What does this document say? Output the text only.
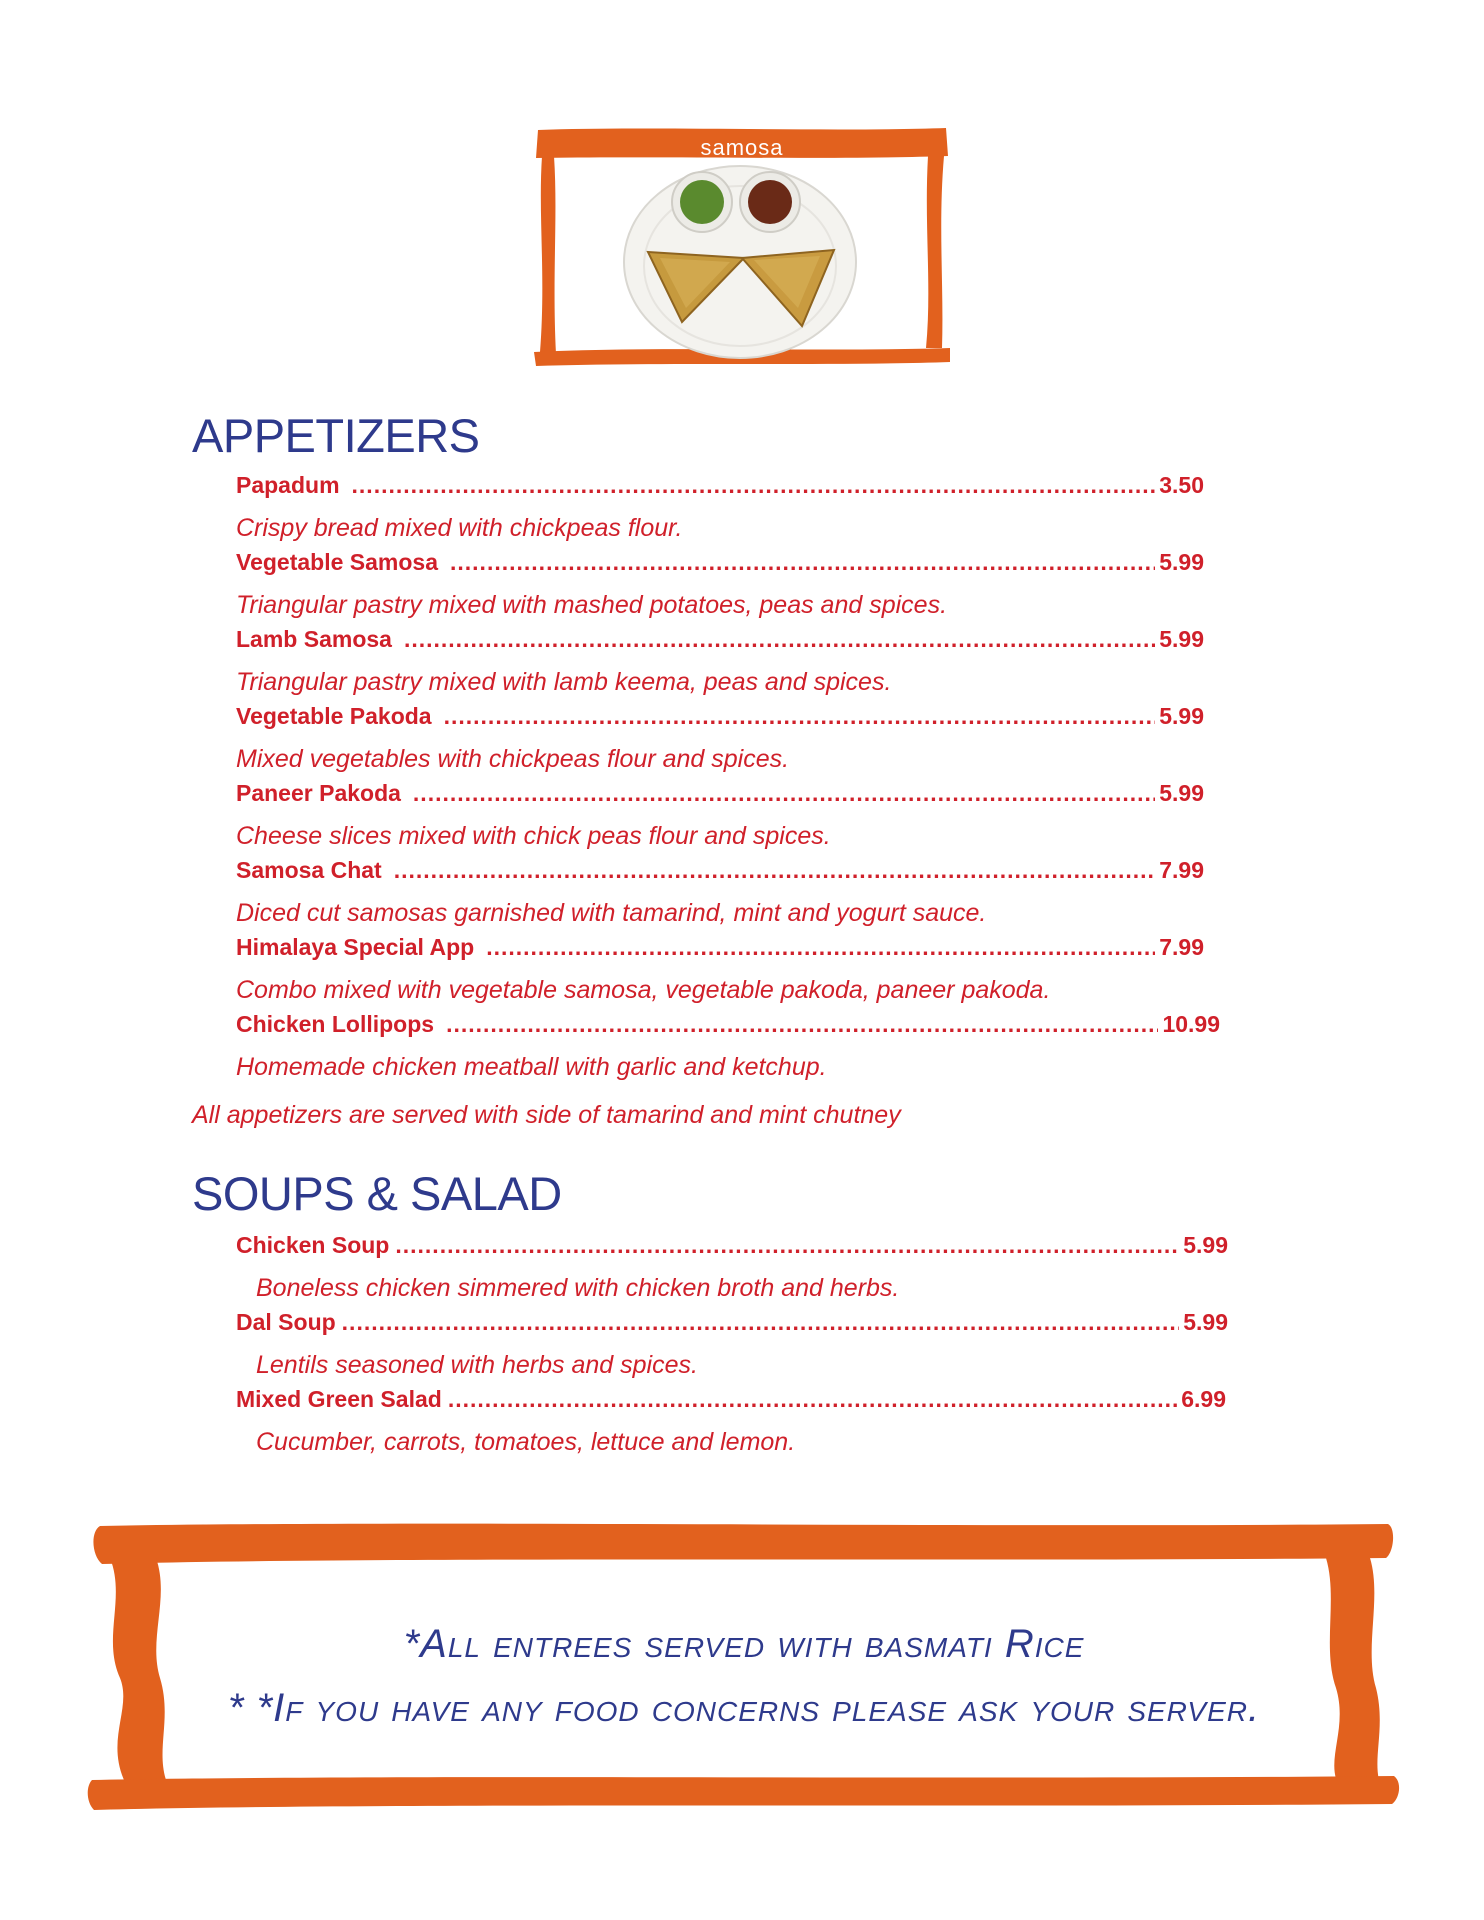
samosa
APPETIZERS
Papadum .....	3.50
Crispy bread mixed with chickpeas flour.
Vegetable Samosa .....	5.99
Triangular pastry mixed with mashed potatoes, peas and spices.
Lamb Samosa .....	5.99
Triangular pastry mixed with lamb keema, peas and spices.
Vegetable Pakoda .....	5.99
Mixed vegetables with chickpeas flour and spices.
Paneer Pakoda .....	5.99
Cheese slices mixed with chick peas flour and spices.
Samosa Chat .....	7.99
Diced cut samosas garnished with tamarind, mint and yogurt sauce.
Himalaya Special App .....	7.99
Combo mixed with vegetable samosa, vegetable pakoda, paneer pakoda.
Chicken Lollipops .....	10.99
Homemade chicken meatball with garlic and ketchup.

All appetizers are served with side of tamarind and mint chutney

SOUPS & SALAD
Chicken Soup .....	5.99
Boneless chicken simmered with chicken broth and herbs.
Dal Soup .....	5.99
Lentils seasoned with herbs and spices.
Mixed Green Salad .....	6.99
Cucumber, carrots, tomatoes, lettuce and lemon.

*All entrees served with basmati Rice

* *If you have any food concerns please ask your server.
